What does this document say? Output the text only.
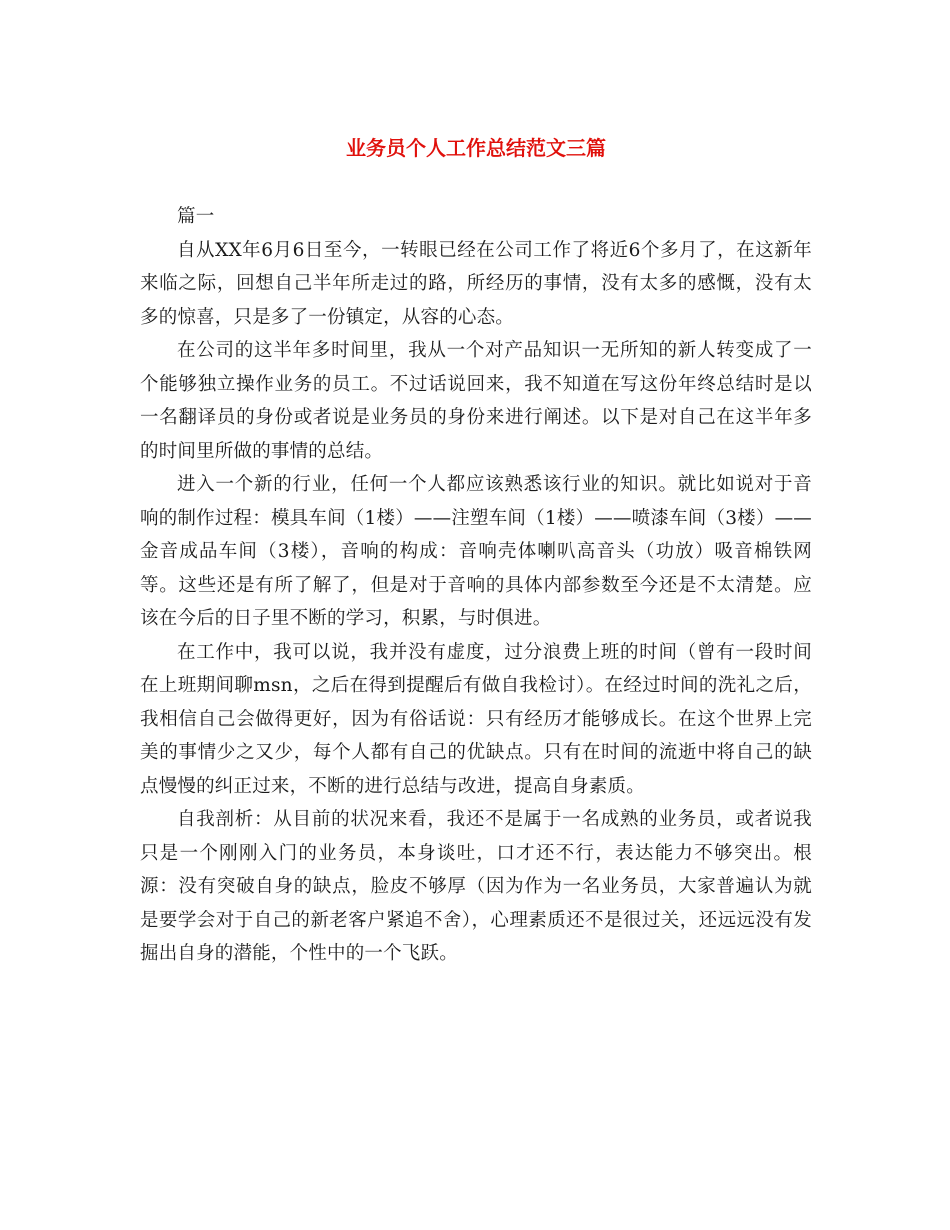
业务员个人工作总结范文三篇

篇一

自从XX年6月6日至今，一转眼已经在公司工作了将近6个多月了，在这新年来临之际，回想自己半年所走过的路，所经历的事情，没有太多的感慨，没有太多的惊喜，只是多了一份镇定，从容的心态。

在公司的这半年多时间里，我从一个对产品知识一无所知的新人转变成了一个能够独立操作业务的员工。不过话说回来，我不知道在写这份年终总结时是以一名翻译员的身份或者说是业务员的身份来进行阐述。以下是对自己在这半年多的时间里所做的事情的总结。

进入一个新的行业，任何一个人都应该熟悉该行业的知识。就比如说对于音响的制作过程：模具车间（1楼）——注塑车间（1楼）——喷漆车间（3楼）——金音成品车间（3楼），音响的构成：音响壳体喇叭高音头（功放）吸音棉铁网等。这些还是有所了解了，但是对于音响的具体内部参数至今还是不太清楚。应该在今后的日子里不断的学习，积累，与时俱进。

在工作中，我可以说，我并没有虚度，过分浪费上班的时间（曾有一段时间在上班期间聊msn，之后在得到提醒后有做自我检讨）。在经过时间的洗礼之后，我相信自己会做得更好，因为有俗话说：只有经历才能够成长。在这个世界上完美的事情少之又少，每个人都有自己的优缺点。只有在时间的流逝中将自己的缺点慢慢的纠正过来，不断的进行总结与改进，提高自身素质。

自我剖析：从目前的状况来看，我还不是属于一名成熟的业务员，或者说我只是一个刚刚入门的业务员，本身谈吐，口才还不行，表达能力不够突出。根源：没有突破自身的缺点，脸皮不够厚（因为作为一名业务员，大家普遍认为就是要学会对于自己的新老客户紧追不舍），心理素质还不是很过关，还远远没有发掘出自身的潜能，个性中的一个飞跃。
